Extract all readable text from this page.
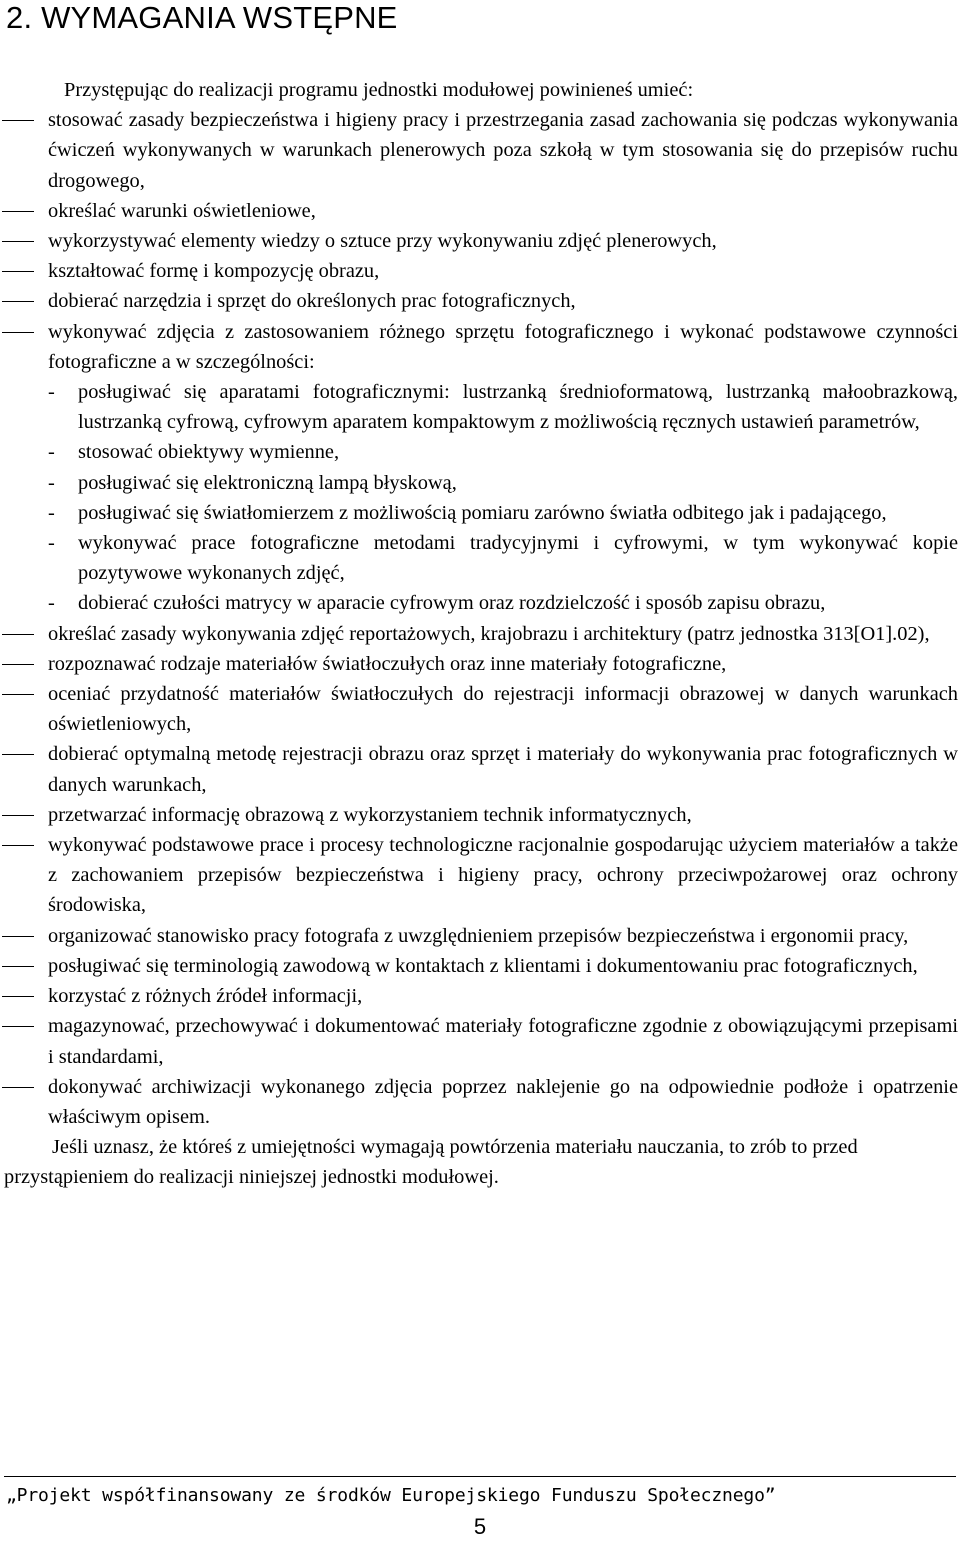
2. WYMAGANIA WSTĘPNE

Przystępując do realizacji programu jednostki modułowej powinieneś umieć:

stosować zasady bezpieczeństwa i higieny pracy i przestrzegania zasad zachowania się podczas wykonywania ćwiczeń wykonywanych w warunkach plenerowych poza szkołą w tym stosowania się do przepisów ruchu drogowego,
określać warunki oświetleniowe,
wykorzystywać elementy wiedzy o sztuce przy wykonywaniu zdjęć plenerowych,
kształtować formę i kompozycję obrazu,
dobierać narzędzia i sprzęt do określonych prac fotograficznych,
wykonywać zdjęcia z zastosowaniem różnego sprzętu fotograficznego i wykonać podstawowe czynności fotograficzne a w szczególności:
- posługiwać się aparatami fotograficznymi: lustrzanką średnioformatową, lustrzanką małoobrazkową, lustrzanką cyfrową, cyfrowym aparatem kompaktowym z możliwością ręcznych ustawień parametrów,
- stosować obiektywy wymienne,
- posługiwać się elektroniczną lampą błyskową,
- posługiwać się światłomierzem z możliwością pomiaru zarówno światła odbitego jak i padającego,
- wykonywać prace fotograficzne metodami tradycyjnymi i cyfrowymi, w tym wykonywać kopie pozytywowe wykonanych zdjęć,
- dobierać czułości matrycy w aparacie cyfrowym oraz rozdzielczość i sposób zapisu obrazu,
określać zasady wykonywania zdjęć reportażowych, krajobrazu i architektury (patrz jednostka 313[O1].02),
rozpoznawać rodzaje materiałów światłoczułych oraz inne materiały fotograficzne,
oceniać przydatność materiałów światłoczułych do rejestracji informacji obrazowej w danych warunkach oświetleniowych,
dobierać optymalną metodę rejestracji obrazu oraz sprzęt i materiały do wykonywania prac fotograficznych w danych warunkach,
przetwarzać informację obrazową z wykorzystaniem technik informatycznych,
wykonywać podstawowe prace i procesy technologiczne racjonalnie gospodarując użyciem materiałów a także z zachowaniem przepisów bezpieczeństwa i higieny pracy, ochrony przeciwpożarowej oraz ochrony środowiska,
organizować stanowisko pracy fotografa z uwzględnieniem przepisów bezpieczeństwa i ergonomii pracy,
posługiwać się terminologią zawodową w kontaktach z klientami i dokumentowaniu prac fotograficznych,
korzystać z różnych źródeł informacji,
magazynować, przechowywać i dokumentować materiały fotograficzne zgodnie z obowiązującymi przepisami i standardami,
dokonywać archiwizacji wykonanego zdjęcia poprzez naklejenie go na odpowiednie podłoże i opatrzenie właściwym opisem.

Jeśli uznasz, że któreś z umiejętności wymagają powtórzenia materiału nauczania, to zrób to przed przystąpieniem do realizacji niniejszej jednostki modułowej.

„Projekt współfinansowany ze środków Europejskiego Funduszu Społecznego”
5
